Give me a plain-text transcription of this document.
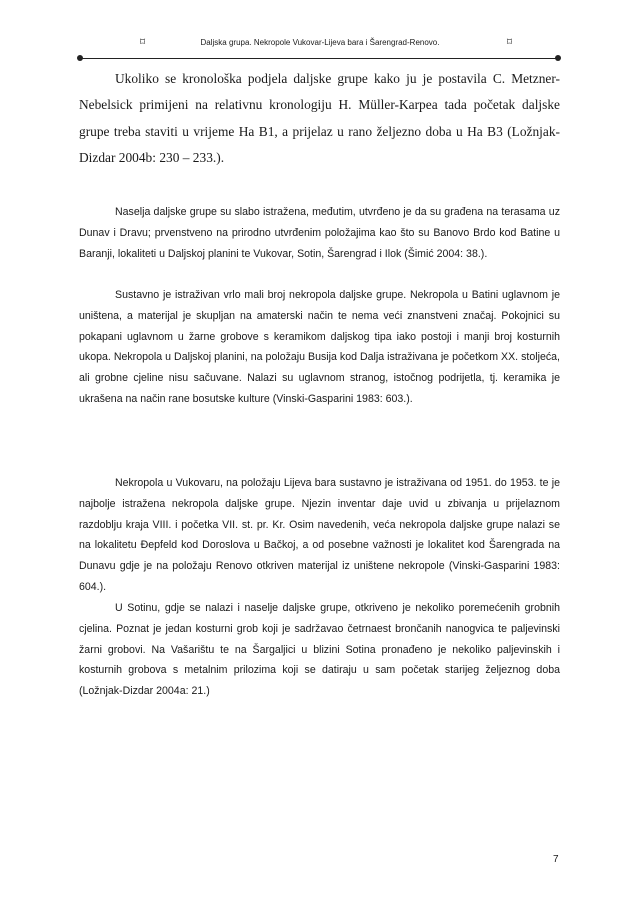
⌑	Daljska grupa. Nekropole Vukovar-Lijeva bara i Šarengrad-Renovo.	⌑

Ukoliko se kronološka podjela daljske grupe kako ju je postavila C. Metzner-Nebelsick primijeni na relativnu kronologiju H. Müller-Karpea tada početak daljske grupe treba staviti u vrijeme Ha B1, a prijelaz u rano željezno doba u Ha B3 (Ložnjak-Dizdar 2004b: 230 – 233.).

Naselja daljske grupe su slabo istražena, međutim, utvrđeno je da su građena na terasama uz Dunav i Dravu; prvenstveno na prirodno utvrđenim položajima kao što su Banovo Brdo kod Batine u Baranji, lokaliteti u Daljskoj planini te Vukovar, Sotin, Šarengrad i Ilok (Šimić 2004: 38.).

Sustavno je istraživan vrlo mali broj nekropola daljske grupe. Nekropola u Batini uglavnom je uništena, a materijal je skupljan na amaterski način te nema veći znanstveni značaj. Pokojnici su pokapani uglavnom u žarne grobove s keramikom daljskog tipa iako postoji i manji broj kosturnih ukopa. Nekropola u Daljskoj planini, na položaju Busija kod Dalja istraživana je početkom XX. stoljeća, ali grobne cjeline nisu sačuvane. Nalazi su uglavnom stranog, istočnog podrijetla, tj. keramika je ukrašena na način rane bosutske kulture (Vinski-Gasparini 1983: 603.).

Nekropola u Vukovaru, na položaju Lijeva bara sustavno je istraživana od 1951. do 1953. te je najbolje istražena nekropola daljske grupe. Njezin inventar daje uvid u zbivanja u prijelaznom razdoblju kraja VIII. i početka VII. st. pr. Kr. Osim navedenih, veća nekropola daljske grupe nalazi se na lokalitetu Đepfeld kod Doroslova u Bačkoj, a od posebne važnosti je lokalitet kod Šarengrada na Dunavu gdje je na položaju Renovo otkriven materijal iz uništene nekropole (Vinski-Gasparini 1983: 604.).

U Sotinu, gdje se nalazi i naselje daljske grupe, otkriveno je nekoliko poremećenih grobnih cjelina. Poznat je jedan kosturni grob koji je sadržavao četrnaest brončanih nanogvica te paljevinski žarni grobovi. Na Vašarištu te na Šargaljici u blizini Sotina pronađeno je nekoliko paljevinskih i kosturnih grobova s metalnim prilozima koji se datiraju u sam početak starijeg željeznog doba (Ložnjak-Dizdar 2004a: 21.)

7
